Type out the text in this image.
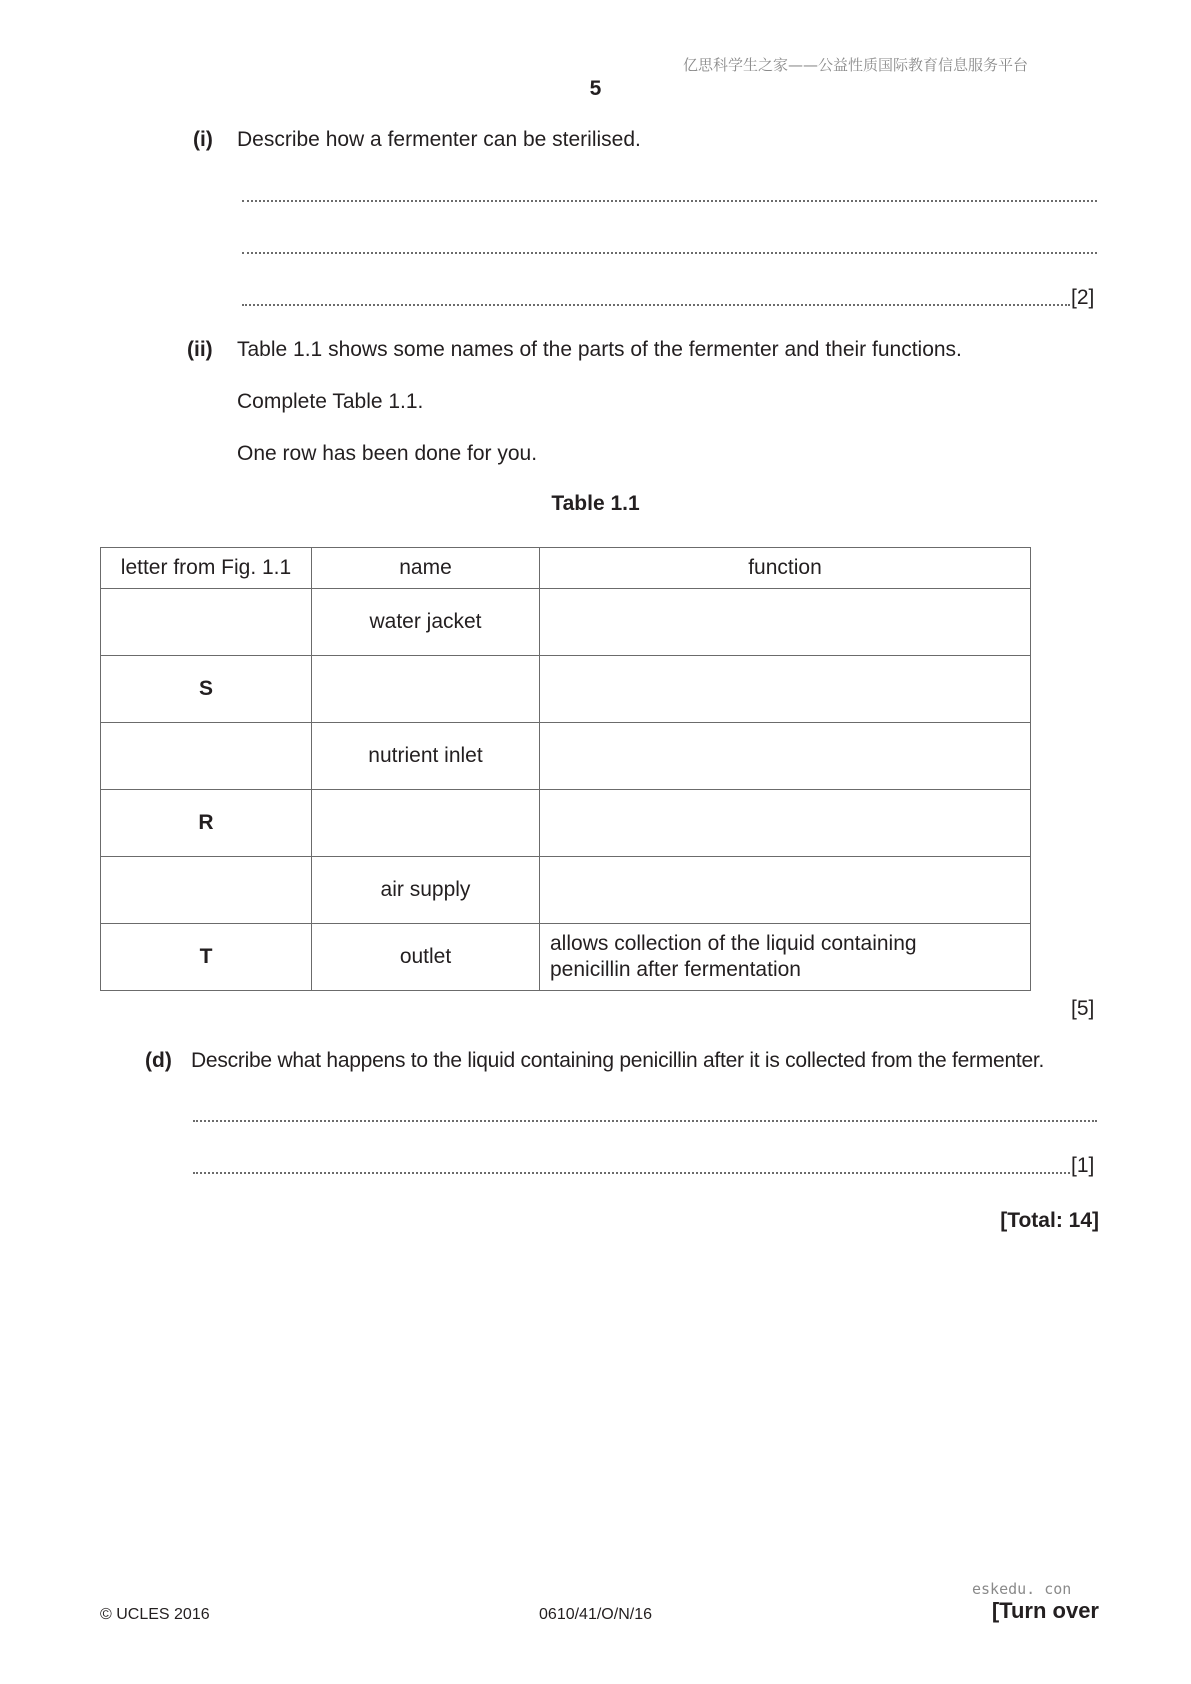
亿思科学生之家——公益性质国际教育信息服务平台
5
(i) Describe how a fermenter can be sterilised.
[2]
(ii) Table 1.1 shows some names of the parts of the fermenter and their functions.
Complete Table 1.1.
One row has been done for you.
Table 1.1
letter from Fig. 1.1	name	function
	water jacket	
S		
	nutrient inlet	
R		
	air supply	
T	outlet	allows collection of the liquid containing
penicillin after fermentation
[5]
(d) Describe what happens to the liquid containing penicillin after it is collected from the fermenter.
[1]
[Total: 14]
eskedu. con
© UCLES 2016	0610/41/O/N/16	[Turn over
